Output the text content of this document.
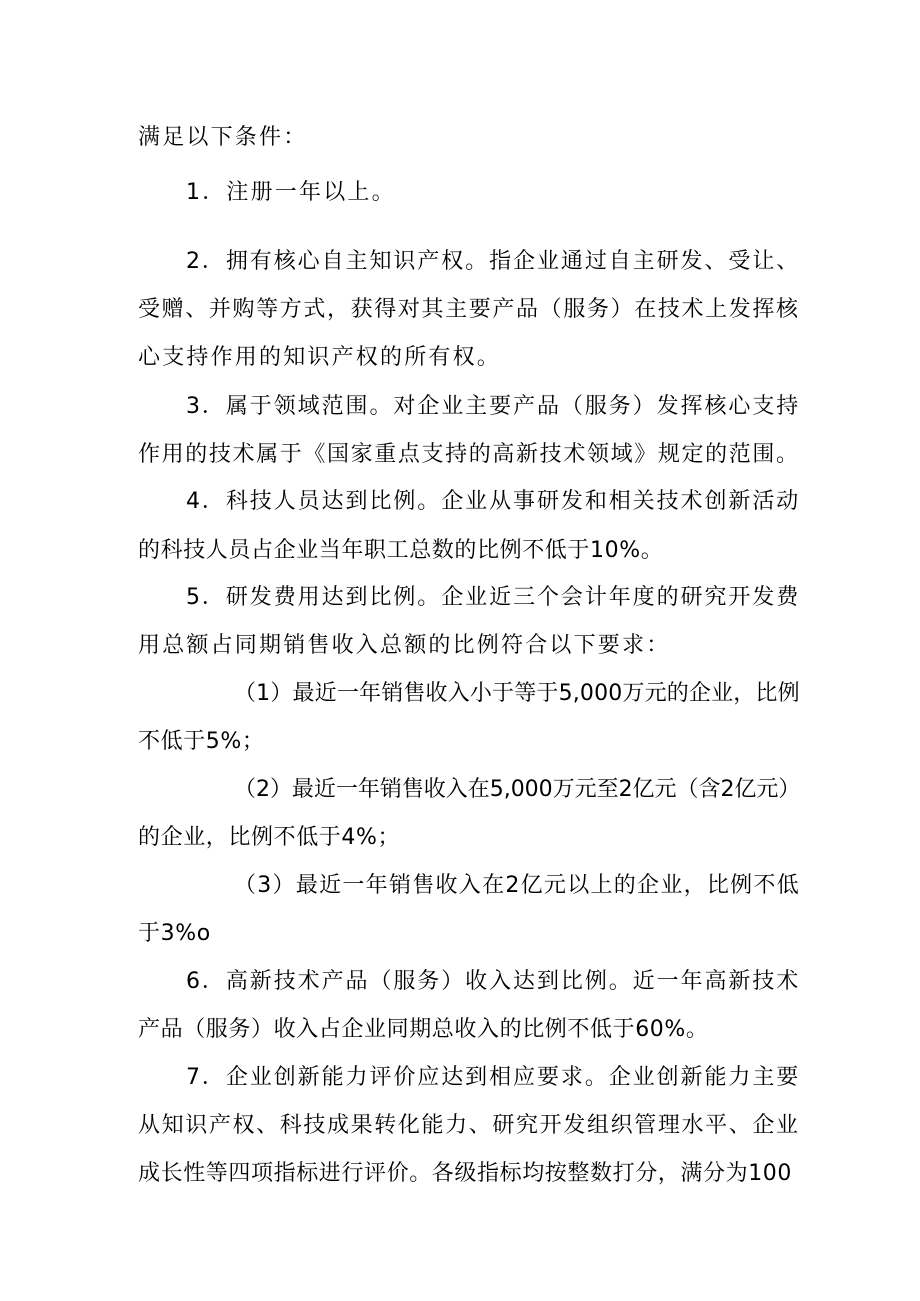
满足以下条件：
1．注册一年以上。
2．拥有核心自主知识产权。指企业通过自主研发、受让、
受赠、并购等方式，获得对其主要产品（服务）在技术上发挥核
心支持作用的知识产权的所有权。
3．属于领域范围。对企业主要产品（服务）发挥核心支持
作用的技术属于《国家重点支持的高新技术领域》规定的范围。
4．科技人员达到比例。企业从事研发和相关技术创新活动
的科技人员占企业当年职工总数的比例不低于10%。
5．研发费用达到比例。企业近三个会计年度的研究开发费
用总额占同期销售收入总额的比例符合以下要求：
（1）最近一年销售收入小于等于5,000万元的企业，比例
不低于5%；
（2）最近一年销售收入在5,000万元至2亿元（含2亿元）
的企业，比例不低于4%；
（3）最近一年销售收入在2亿元以上的企业，比例不低
于3%o
6．高新技术产品（服务）收入达到比例。近一年高新技术
产品（服务）收入占企业同期总收入的比例不低于60%。
7．企业创新能力评价应达到相应要求。企业创新能力主要
从知识产权、科技成果转化能力、研究开发组织管理水平、企业
成长性等四项指标进行评价。各级指标均按整数打分，满分为100
